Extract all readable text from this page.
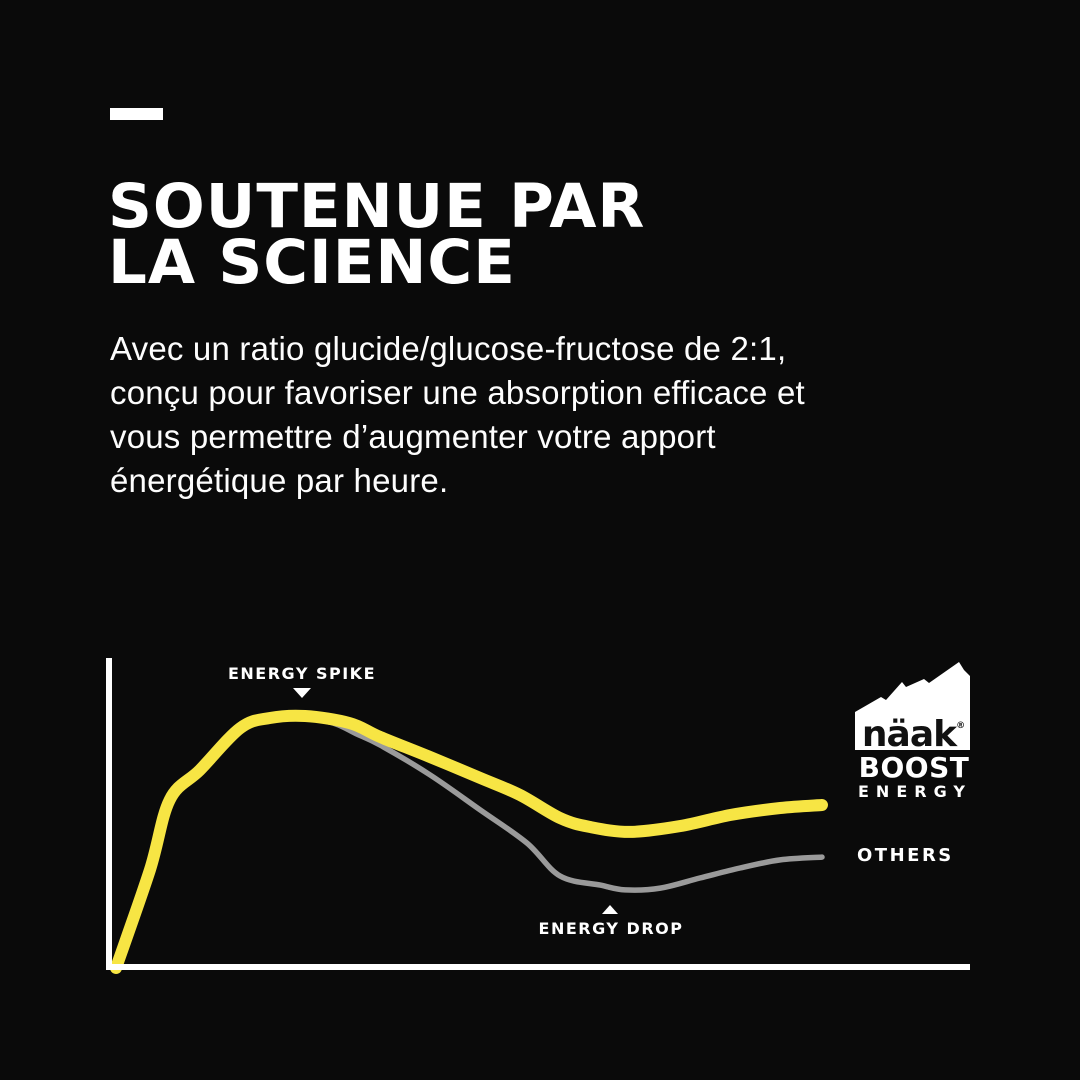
SOUTENUE PAR
LA SCIENCE

Avec un ratio glucide/glucose-fructose de 2:1,
conçu pour favoriser une absorption efficace et
vous permettre d’augmenter votre apport
énergétique par heure.

ENERGY SPIKE
ENERGY DROP
OTHERS
näak®
BOOST
ENERGY
